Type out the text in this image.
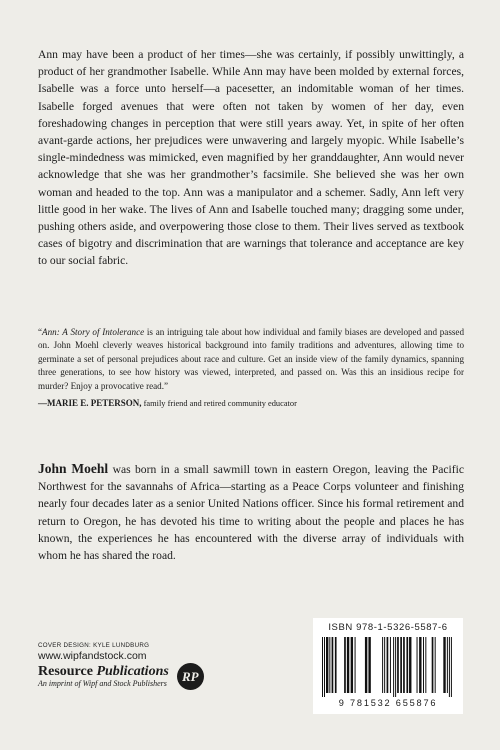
Ann may have been a product of her times—she was certainly, if possibly unwittingly, a product of her grandmother Isabelle. While Ann may have been molded by external forces, Isabelle was a force unto herself—a pacesetter, an indomitable woman of her times. Isabelle forged avenues that were often not taken by women of her day, even foreshadowing changes in perception that were still years away. Yet, in spite of her often avant-garde actions, her prejudices were unwavering and largely myopic. While Isabelle’s single-mindedness was mimicked, even magnified by her granddaughter, Ann would never acknowledge that she was her grandmother’s facsimile. She believed she was her own woman and headed to the top. Ann was a manipulator and a schemer. Sadly, Ann left very little good in her wake. The lives of Ann and Isabelle touched many; dragging some under, pushing others aside, and overpowering those close to them. Their lives served as textbook cases of bigotry and discrimination that are warnings that tolerance and acceptance are key to our social fabric.

“Ann: A Story of Intolerance is an intriguing tale about how individual and family biases are developed and passed on. John Moehl cleverly weaves historical background into family traditions and adventures, allowing time to germinate a set of personal prejudices about race and culture. Get an inside view of the family dynamics, spanning three generations, to see how history was viewed, interpreted, and passed on. Was this an insidious recipe for murder? Enjoy a provocative read.”

—MARIE E. PETERSON, family friend and retired community educator

John Moehl was born in a small sawmill town in eastern Oregon, leaving the Pacific Northwest for the savannahs of Africa—starting as a Peace Corps volunteer and finishing nearly four decades later as a senior United Nations officer. Since his formal retirement and return to Oregon, he has devoted his time to writing about the people and places he has known, the experiences he has encountered with the diverse array of individuals with whom he has shared the road.

COVER DESIGN: KYLE LUNDBURG
www.wipfandstock.com
Resource Publications
An imprint of Wipf and Stock Publishers	RP
ISBN 978-1-5326-5587-6
9 781532 655876
